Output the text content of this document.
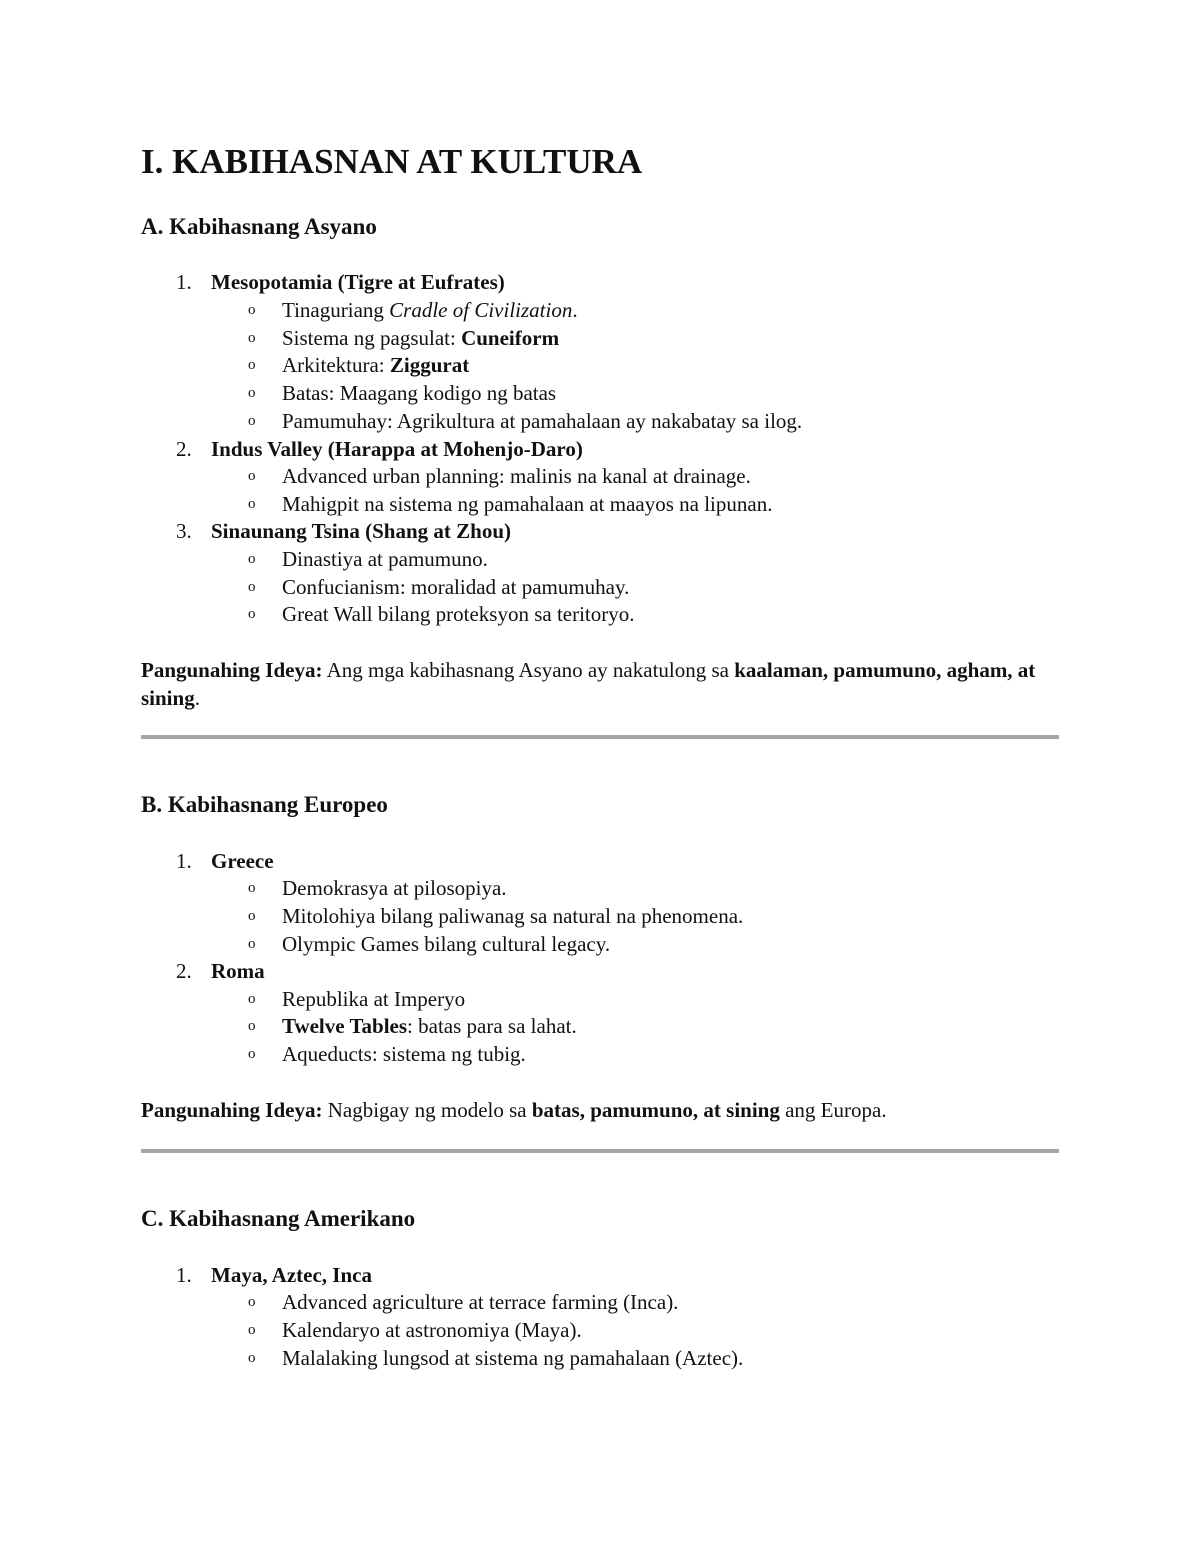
I. KABIHASNAN AT KULTURA
A. Kabihasnang Asyano
1. Mesopotamia (Tigre at Eufrates)
o Tinaguriang Cradle of Civilization.
o Sistema ng pagsulat: Cuneiform
o Arkitektura: Ziggurat
o Batas: Maagang kodigo ng batas
o Pamumuhay: Agrikultura at pamahalaan ay nakabatay sa ilog.
2. Indus Valley (Harappa at Mohenjo-Daro)
o Advanced urban planning: malinis na kanal at drainage.
o Mahigpit na sistema ng pamahalaan at maayos na lipunan.
3. Sinaunang Tsina (Shang at Zhou)
o Dinastiya at pamumuno.
o Confucianism: moralidad at pamumuhay.
o Great Wall bilang proteksyon sa teritoryo.
Pangunahing Ideya: Ang mga kabihasnang Asyano ay nakatulong sa kaalaman, pamumuno, agham, at sining.
B. Kabihasnang Europeo
1. Greece
o Demokrasya at pilosopiya.
o Mitolohiya bilang paliwanag sa natural na phenomena.
o Olympic Games bilang cultural legacy.
2. Roma
o Republika at Imperyo
o Twelve Tables: batas para sa lahat.
o Aqueducts: sistema ng tubig.
Pangunahing Ideya: Nagbigay ng modelo sa batas, pamumuno, at sining ang Europa.
C. Kabihasnang Amerikano
1. Maya, Aztec, Inca
o Advanced agriculture at terrace farming (Inca).
o Kalendaryo at astronomiya (Maya).
o Malalaking lungsod at sistema ng pamahalaan (Aztec).
